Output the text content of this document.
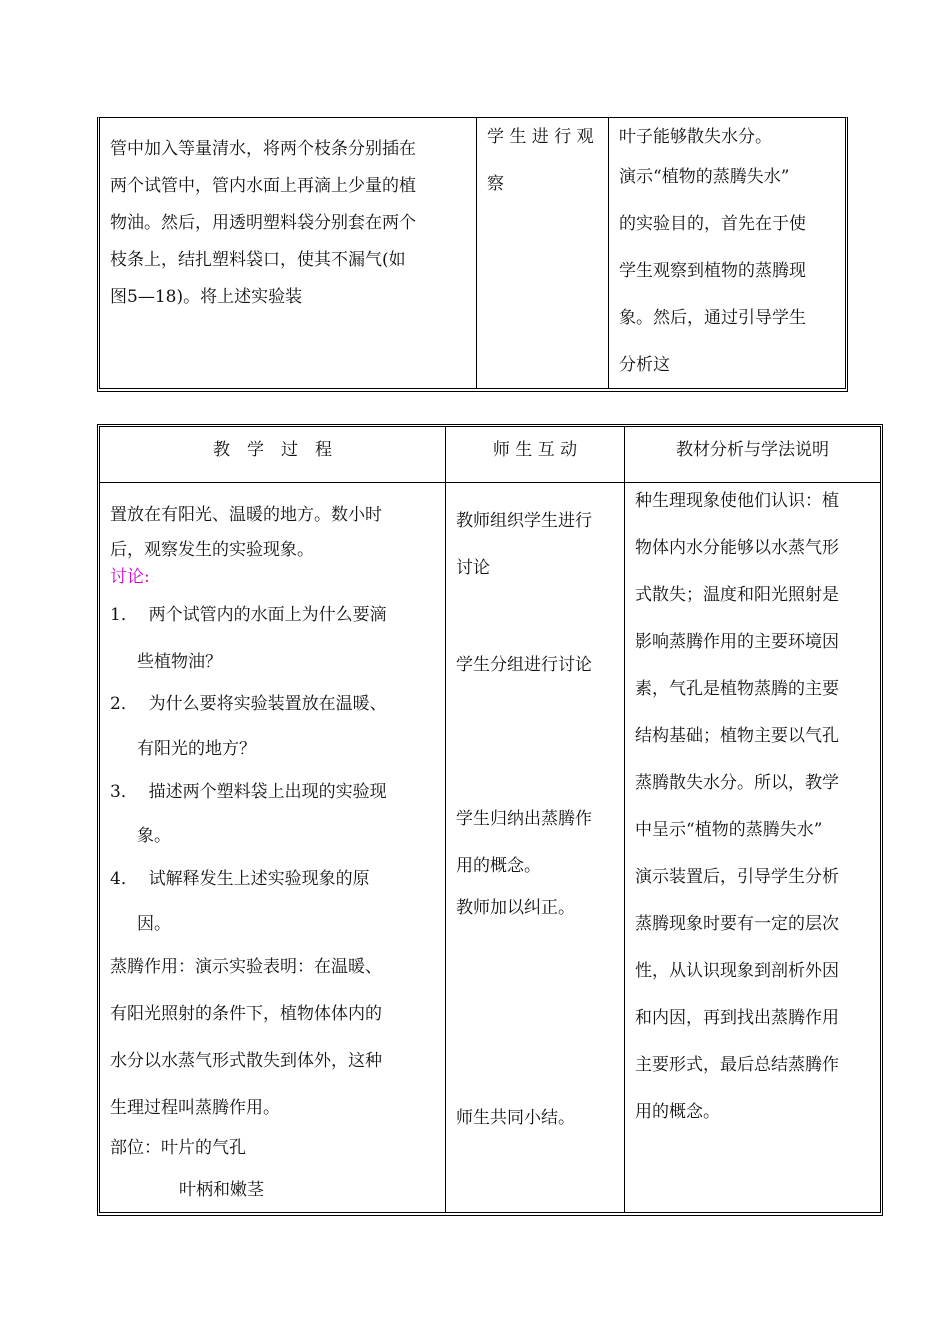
管中加入等量清水，将两个枝条分别插在

两个试管中，管内水面上再滴上少量的植

物油。然后，用透明塑料袋分别套在两个

枝条上，结扎塑料袋口，使其不漏气(如

图5—18)。将上述实验装

学 生 进 行 观

察

叶子能够散失水分。

演示“植物的蒸腾失水”

的实验目的，首先在于使

学生观察到植物的蒸腾现

象。然后，通过引导学生

分析这

教　学　过　程

置放在有阳光、温暖的地方。数小时

后，观察发生的实验现象。

讨论:

1．  两个试管内的水面上为什么要滴

些植物油？

2．  为什么要将实验装置放在温暖、

有阳光的地方？

3．  描述两个塑料袋上出现的实验现

象。

4．  试解释发生上述实验现象的原

因。

蒸腾作用：演示实验表明：在温暖、

有阳光照射的条件下，植物体体内的

水分以水蒸气形式散失到体外，这种

生理过程叫蒸腾作用。

部位：叶片的气孔

叶柄和嫩茎

师 生 互 动

教师组织学生进行

讨论

学生分组进行讨论

学生归纳出蒸腾作

用的概念。

教师加以纠正。

师生共同小结。

教材分析与学法说明

种生理现象使他们认识：植

物体内水分能够以水蒸气形

式散失；温度和阳光照射是

影响蒸腾作用的主要环境因

素，气孔是植物蒸腾的主要

结构基础；植物主要以气孔

蒸腾散失水分。所以，教学

中呈示“植物的蒸腾失水”

演示装置后，引导学生分析

蒸腾现象时要有一定的层次

性，从认识现象到剖析外因

和内因，再到找出蒸腾作用

主要形式，最后总结蒸腾作

用的概念。
